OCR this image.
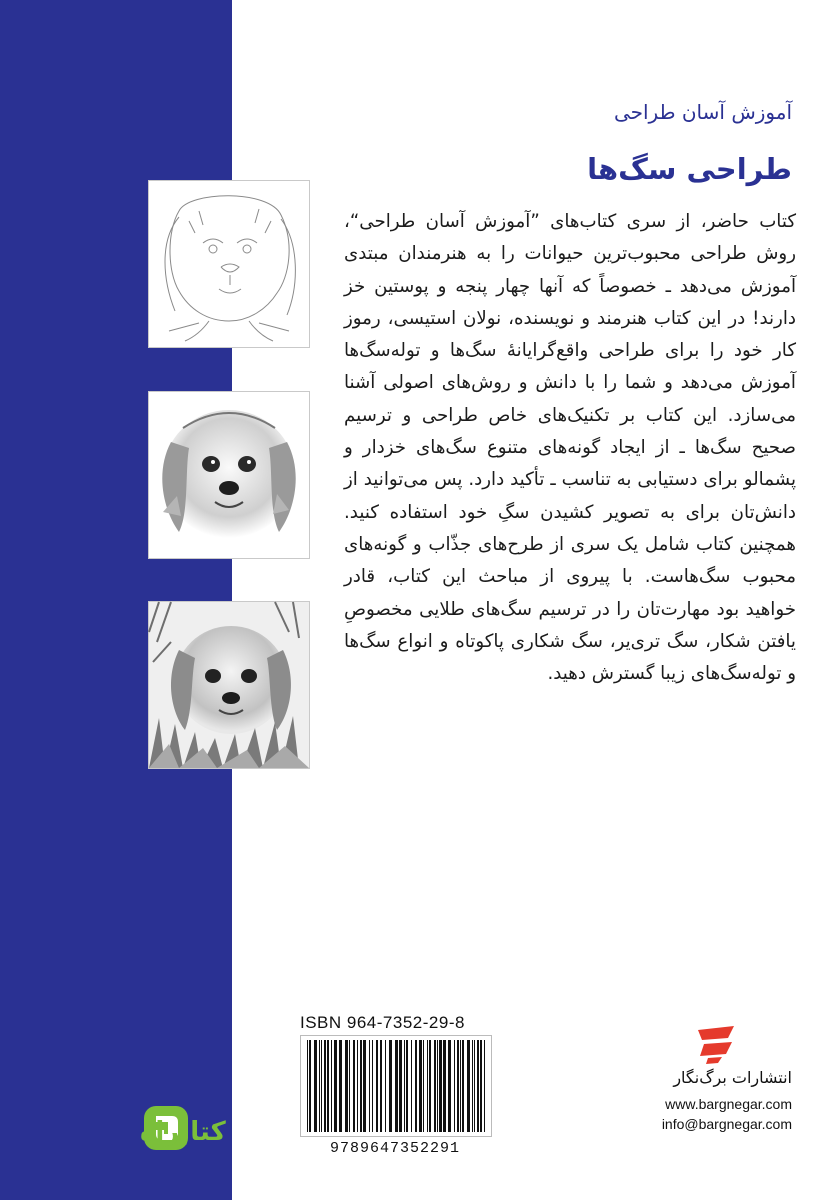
آموزش آسان طراحی
طراحی سگ‌ها
کتاب حاضر، از سری کتاب‌های ”آموزش آسان طراحی“، روش طراحی محبوب‌ترین حیوانات را به هنرمندان مبتدی آموزش می‌دهد ـ خصوصاً که آنها چهار پنجه و پوستین خز دارند! در این کتاب هنرمند و نویسنده، نولان استیسی، رموز کار خود را برای طراحی واقع‌گرایانهٔ سگ‌ها و توله‌سگ‌ها آموزش می‌دهد و شما را با دانش و روش‌های اصولی آشنا می‌سازد. این کتاب بر تکنیک‌های خاص طراحی و ترسیم صحیح سگ‌ها ـ از ایجاد گونه‌های متنوع سگ‌های خزدار و پشمالو برای دستیابی به تناسب ـ تأکید دارد. پس می‌توانید از دانش‌تان برای به تصویر کشیدن سگِ خود استفاده کنید. همچنین کتاب شامل یک سری از طرح‌های جذّاب و گونه‌های محبوب سگ‌هاست. با پیروی از مباحث این کتاب، قادر خواهید بود مهارت‌تان را در ترسیم سگ‌های طلایی مخصوصِ یافتن شکار، سگ تری‌یر، سگ شکاری پاکوتاه و انواع سگ‌ها و توله‌سگ‌های زیبا گسترش دهید.
ISBN 964-7352-29-8
9789647352291
انتشارات برگ‌نگار
www.bargnegar.com
info@bargnegar.com
کتابراه
